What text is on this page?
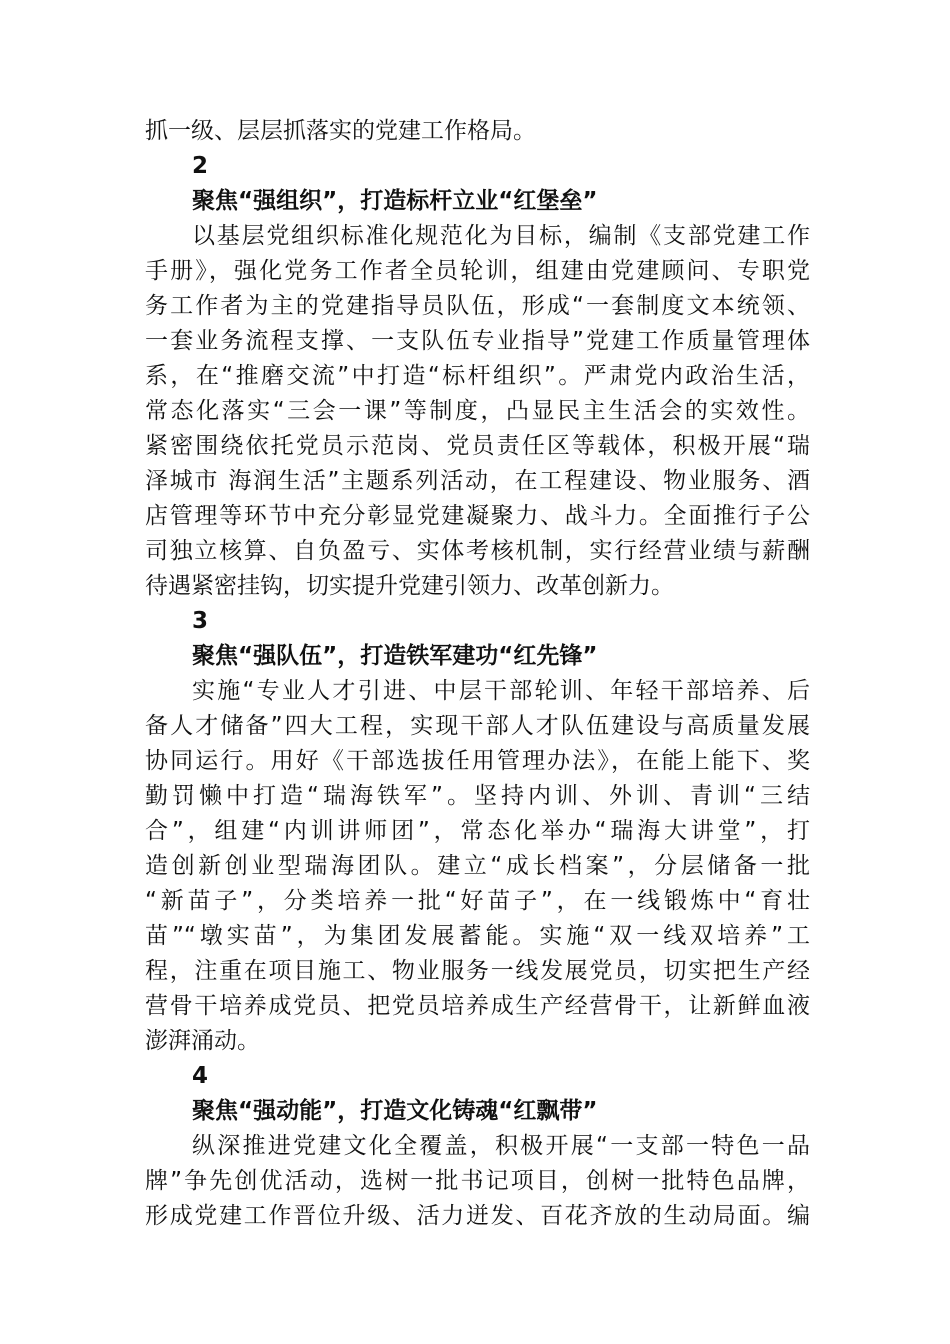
抓一级、层层抓落实的党建工作格局。
2
聚焦“强组织”，打造标杆立业“红堡垒”
以基层党组织标准化规范化为目标，编制《支部党建工作
手册》，强化党务工作者全员轮训，组建由党建顾问、专职党
务工作者为主的党建指导员队伍，形成“一套制度文本统领、
一套业务流程支撑、一支队伍专业指导”党建工作质量管理体
系，在“推磨交流”中打造“标杆组织”。严肃党内政治生活，
常态化落实“三会一课”等制度，凸显民主生活会的实效性。
紧密围绕依托党员示范岗、党员责任区等载体，积极开展“瑞
泽城市 海润生活”主题系列活动，在工程建设、物业服务、酒
店管理等环节中充分彰显党建凝聚力、战斗力。全面推行子公
司独立核算、自负盈亏、实体考核机制，实行经营业绩与薪酬
待遇紧密挂钩，切实提升党建引领力、改革创新力。
3
聚焦“强队伍”，打造铁军建功“红先锋”
实施“专业人才引进、中层干部轮训、年轻干部培养、后
备人才储备”四大工程，实现干部人才队伍建设与高质量发展
协同运行。用好《干部选拔任用管理办法》，在能上能下、奖
勤罚懒中打造“瑞海铁军”。坚持内训、外训、青训“三结
合”，组建“内训讲师团”，常态化举办“瑞海大讲堂”，打
造创新创业型瑞海团队。建立“成长档案”，分层储备一批
“新苗子”，分类培养一批“好苗子”，在一线锻炼中“育壮
苗”“墩实苗”，为集团发展蓄能。实施“双一线双培养”工
程，注重在项目施工、物业服务一线发展党员，切实把生产经
营骨干培养成党员、把党员培养成生产经营骨干，让新鲜血液
澎湃涌动。
4
聚焦“强动能”，打造文化铸魂“红飘带”
纵深推进党建文化全覆盖，积极开展“一支部一特色一品
牌”争先创优活动，选树一批书记项目，创树一批特色品牌，
形成党建工作晋位升级、活力迸发、百花齐放的生动局面。编
